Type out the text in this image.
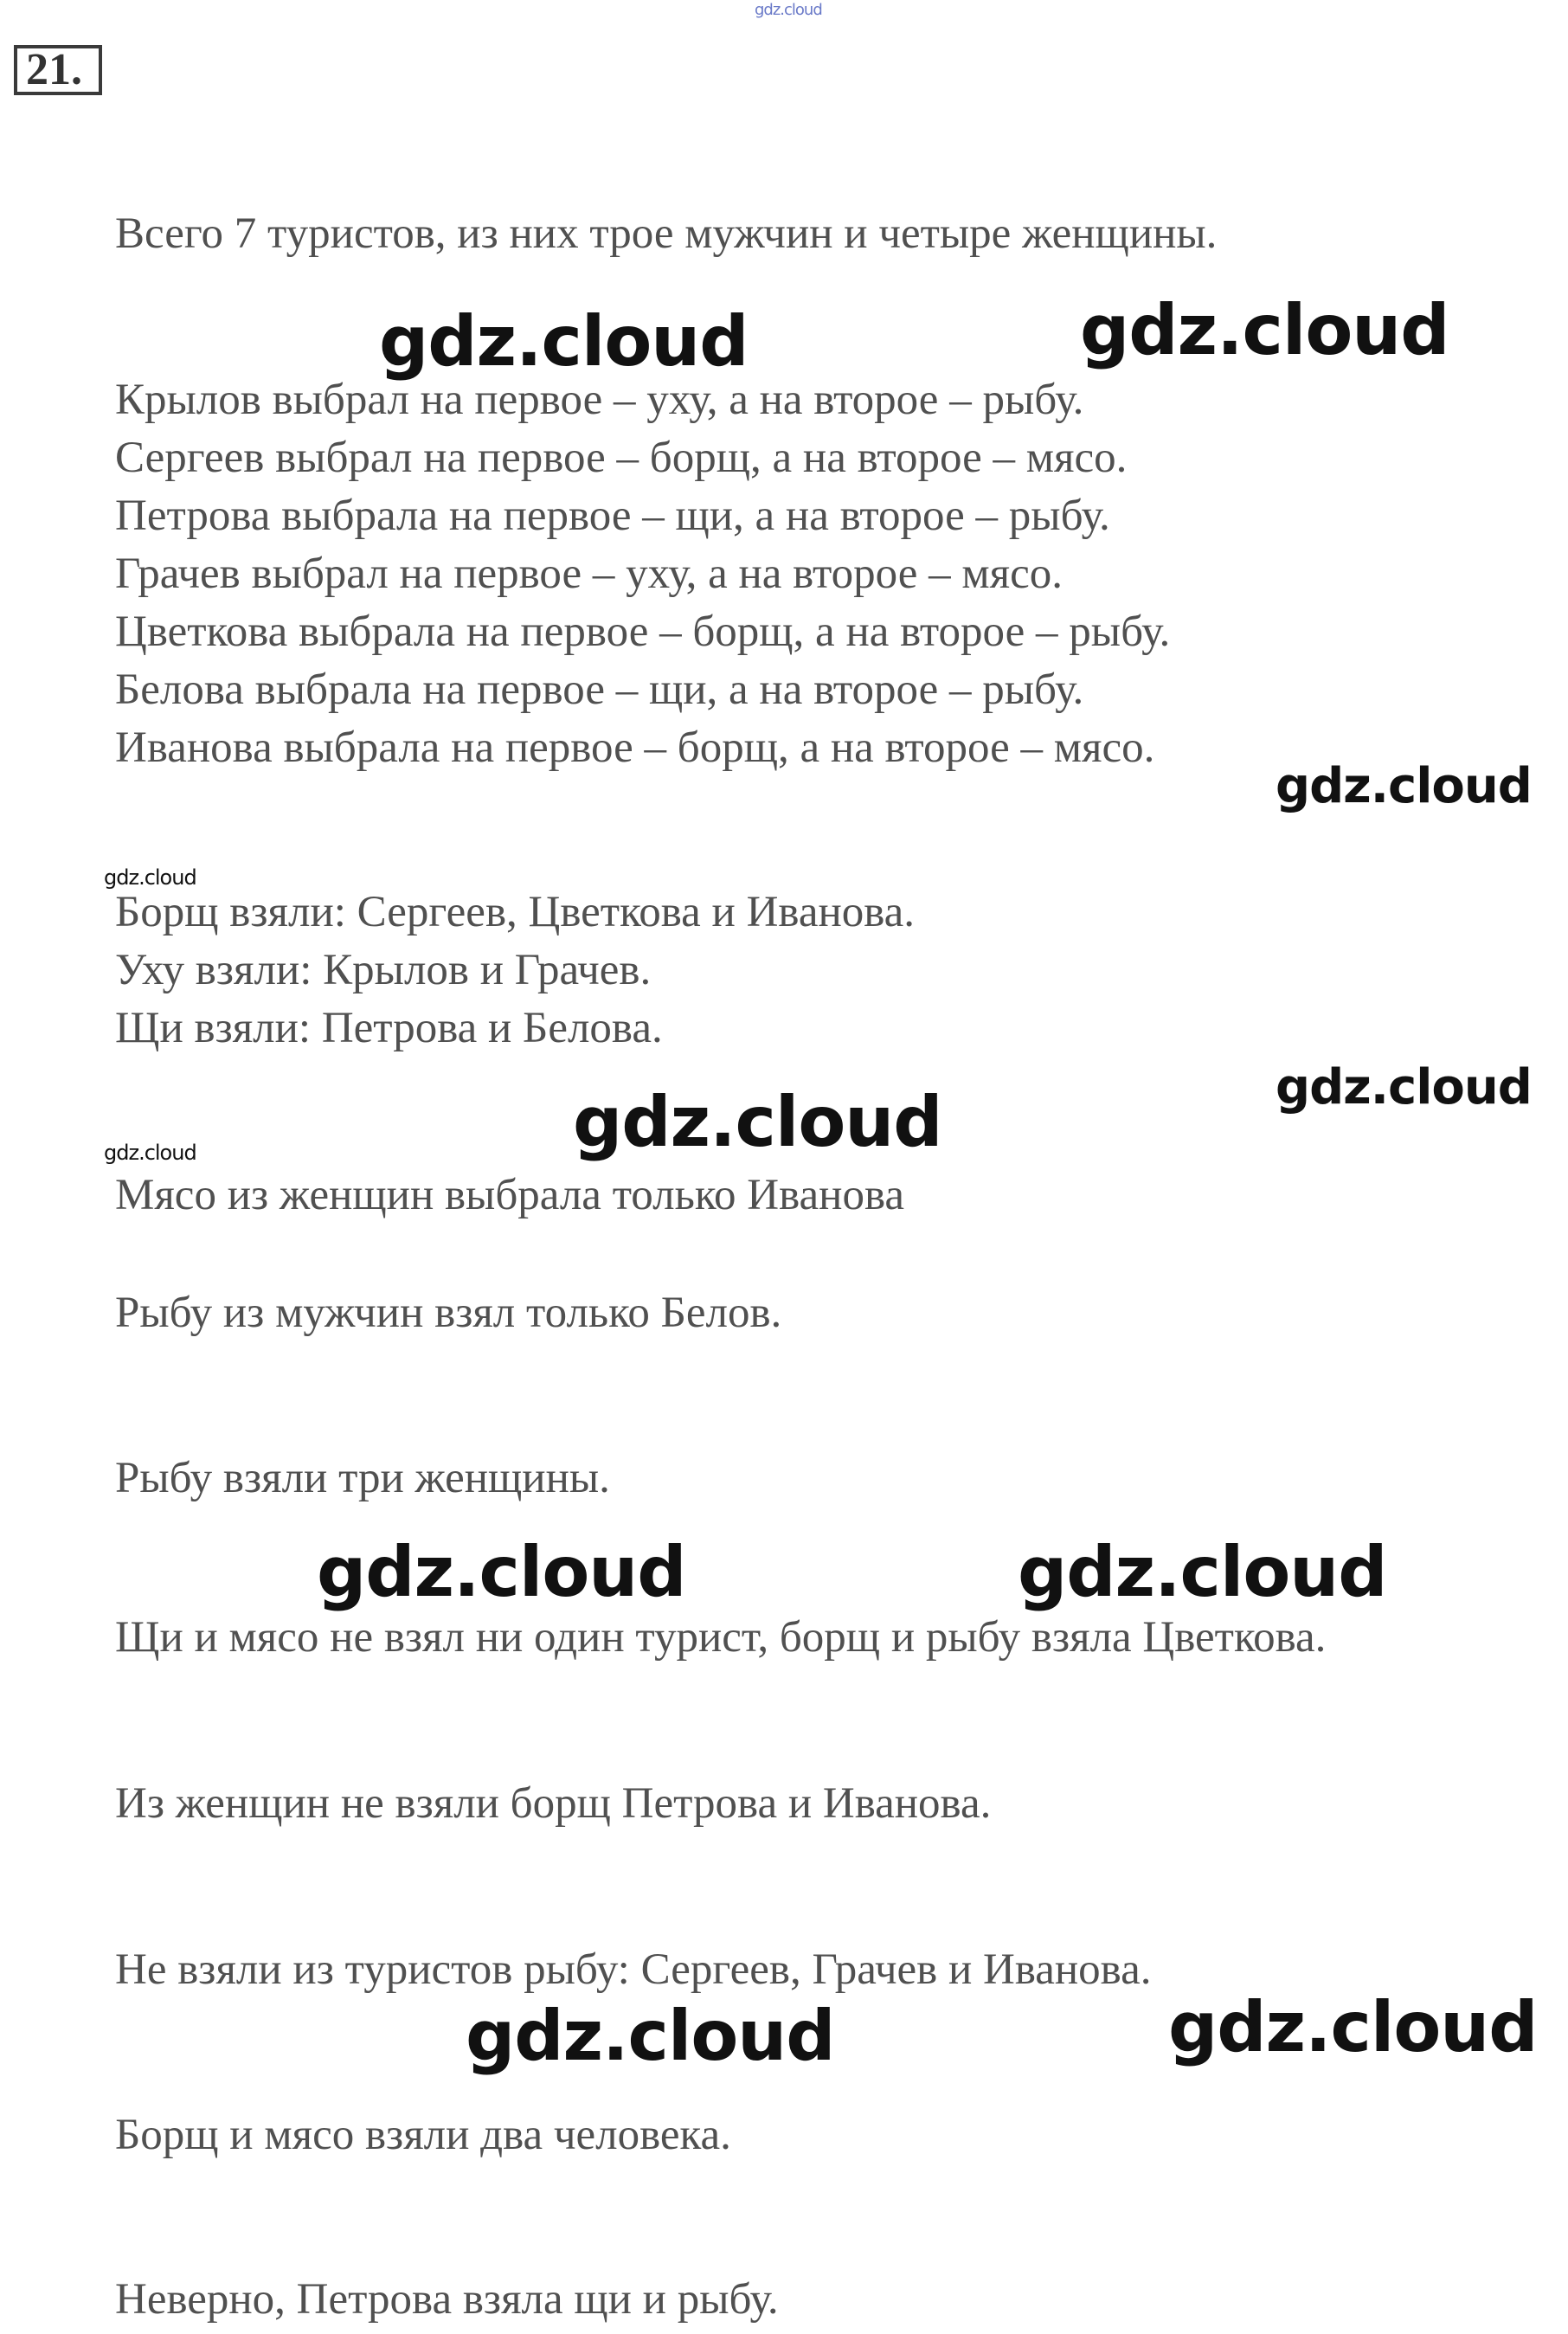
gdz.cloud
21.
Всего 7 туристов, из них трое мужчин и четыре женщины.
Крылов выбрал на первое – уху, а на второе – рыбу.
Сергеев выбрал на первое – борщ, а на второе – мясо.
Петрова выбрала на первое – щи, а на второе – рыбу.
Грачев выбрал на первое – уху, а на второе – мясо.
Цветкова выбрала на первое – борщ, а на второе – рыбу.
Белова выбрала на первое – щи, а на второе – рыбу.
Иванова выбрала на первое – борщ, а на второе – мясо.
Борщ взяли: Сергеев, Цветкова и Иванова.
Уху взяли: Крылов и Грачев.
Щи взяли: Петрова и Белова.
Мясо из женщин выбрала только Иванова
Рыбу из мужчин взял только Белов.
Рыбу взяли три женщины.
Щи и мясо не взял ни один турист, борщ и рыбу взяла Цветкова.
Из женщин не взяли борщ Петрова и Иванова.
Не взяли из туристов рыбу: Сергеев, Грачев и Иванова.
Борщ и мясо взяли два человека.
Неверно, Петрова взяла щи и рыбу.
gdz.cloud	gdz.cloud
gdz.cloud
gdz.cloud
gdz.cloud
gdz.cloud
gdz.cloud
gdz.cloud	gdz.cloud
gdz.cloud	gdz.cloud
